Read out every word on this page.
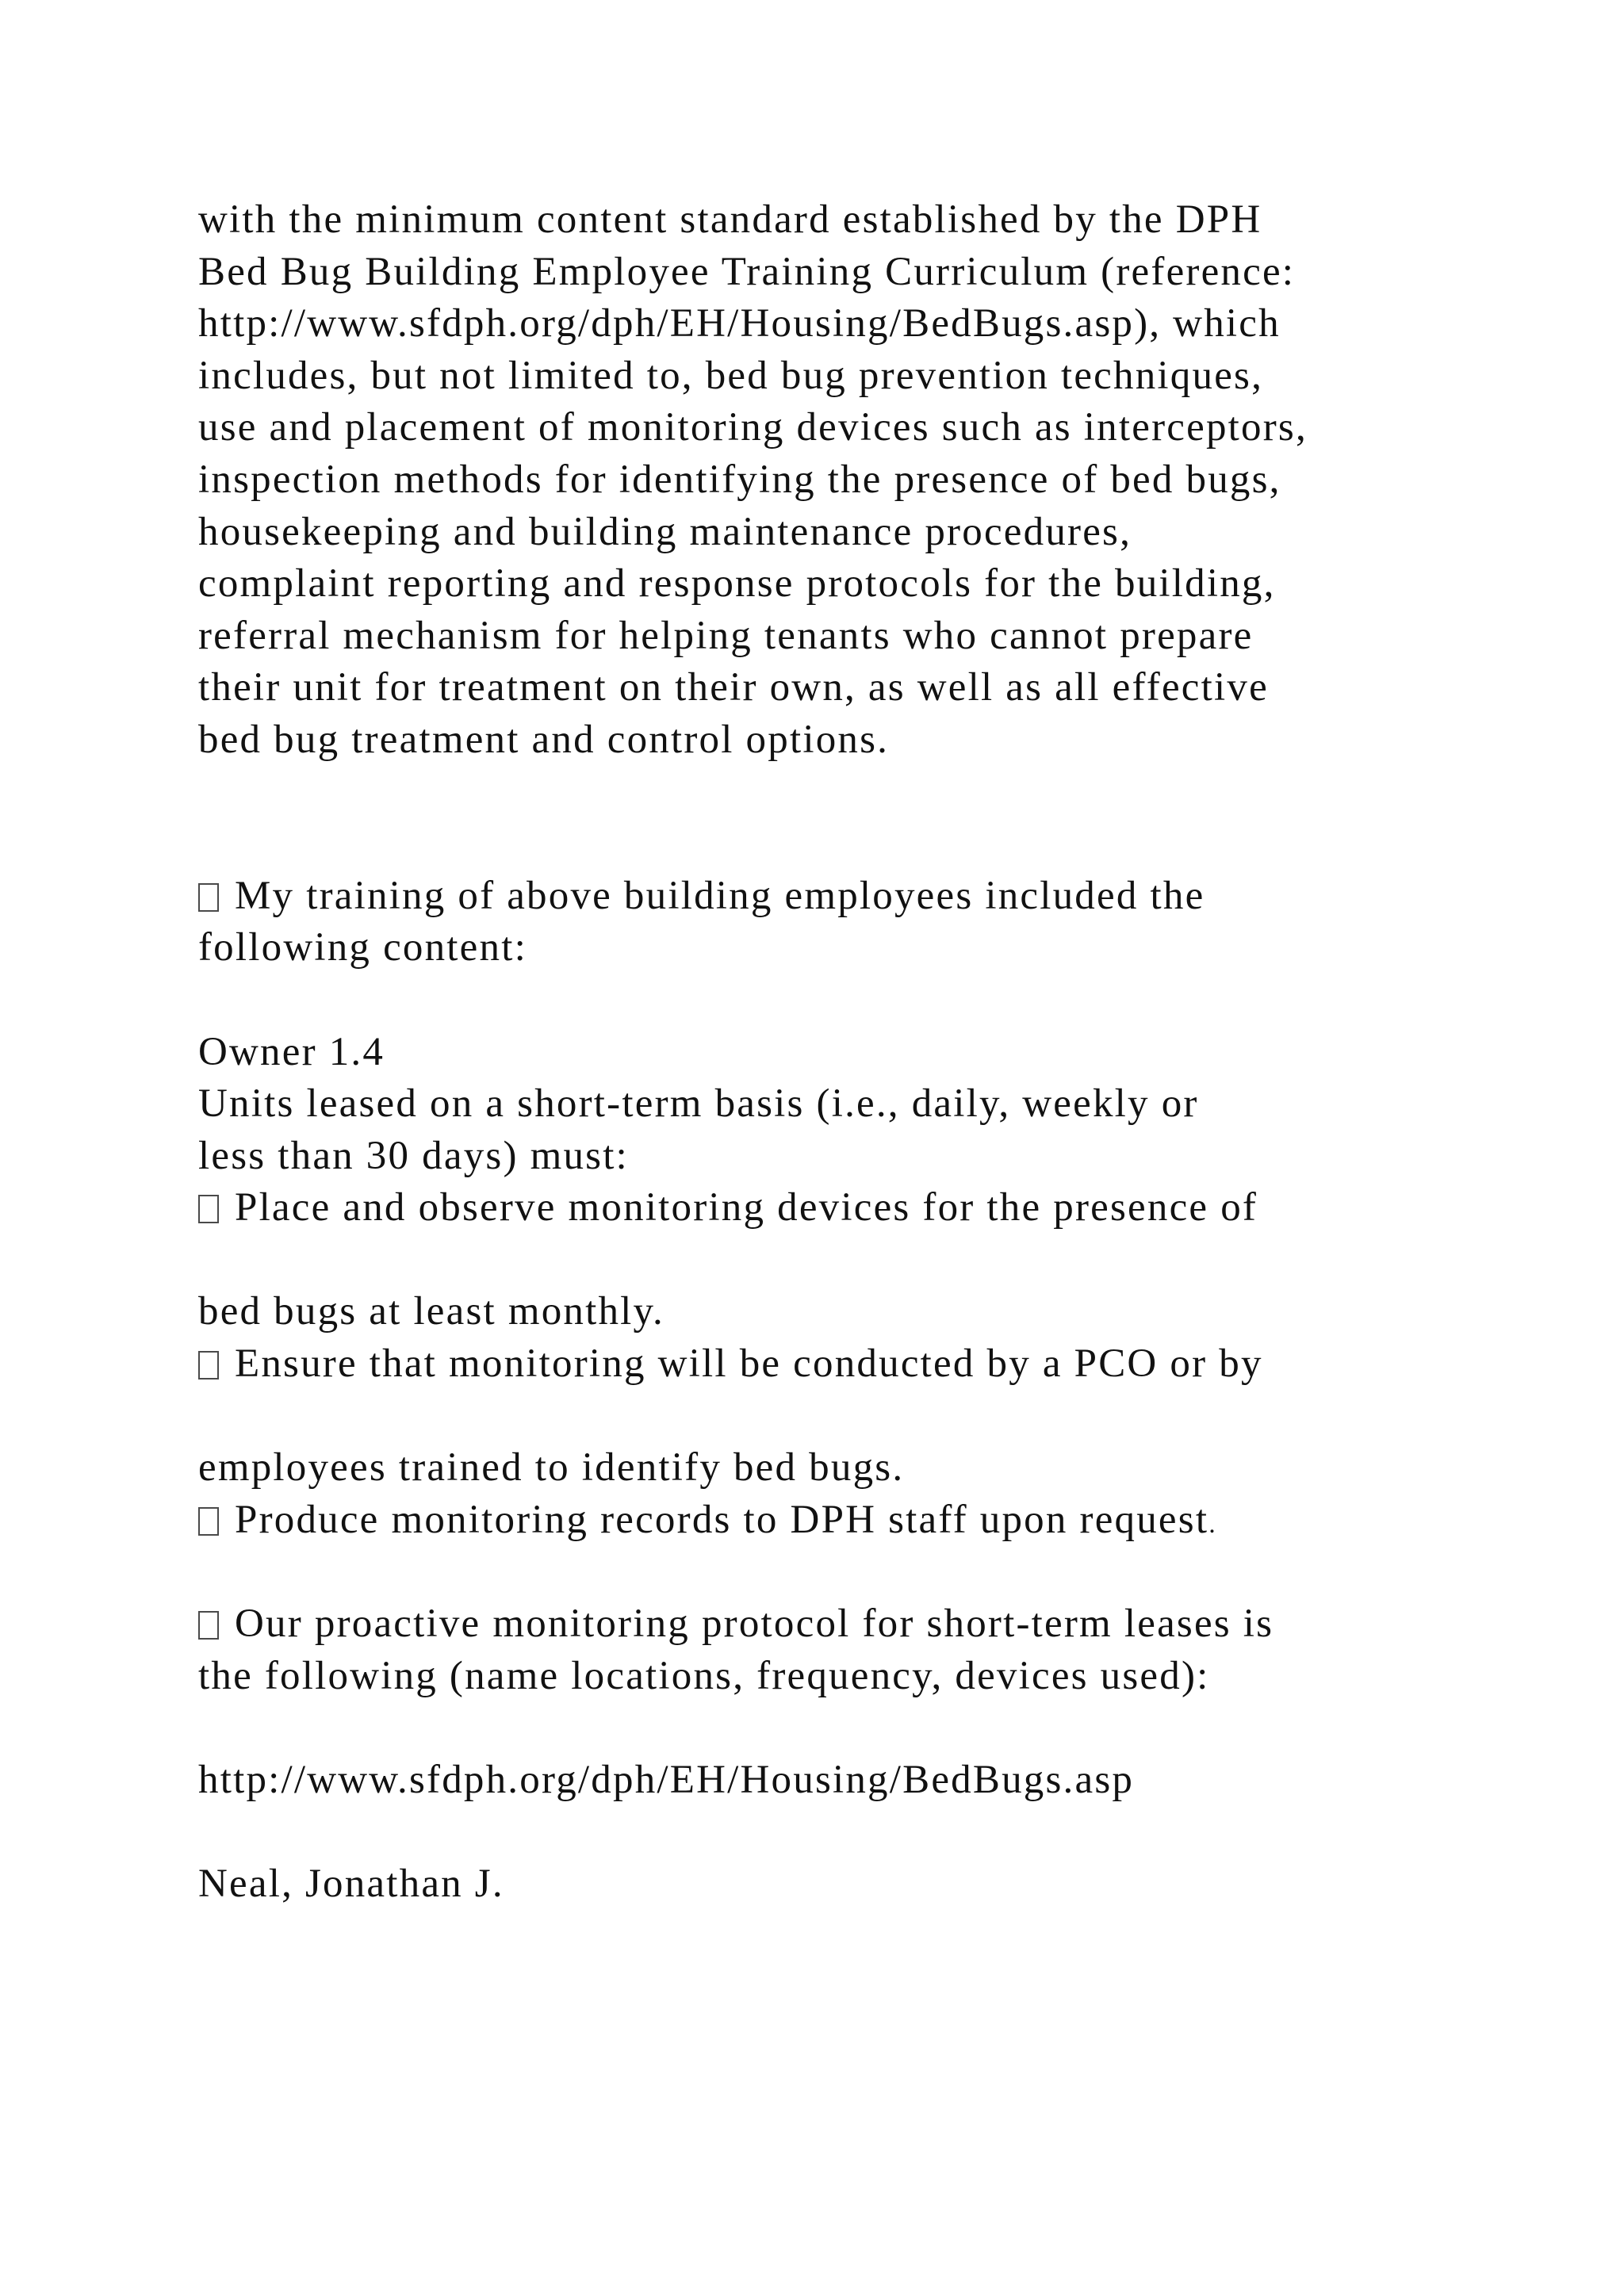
with the minimum content standard established by the DPH
Bed Bug Building Employee Training Curriculum (reference:
http://www.sfdph.org/dph/EH/Housing/BedBugs.asp), which
includes, but not limited to, bed bug prevention techniques,
use and placement of monitoring devices such as interceptors,
inspection methods for identifying the presence of bed bugs,
housekeeping and building maintenance procedures,
complaint reporting and response protocols for the building,
referral mechanism for helping tenants who cannot prepare
their unit for treatment on their own, as well as all effective
bed bug treatment and control options.
My training of above building employees included the
following content:
Owner 1.4
Units leased on a short-term basis (i.e., daily, weekly or
less than 30 days) must:
Place and observe monitoring devices for the presence of
bed bugs at least monthly.
Ensure that monitoring will be conducted by a PCO or by
employees trained to identify bed bugs.
Produce monitoring records to DPH staff upon request.
Our proactive monitoring protocol for short-term leases is
the following (name locations, frequency, devices used):
http://www.sfdph.org/dph/EH/Housing/BedBugs.asp
Neal, Jonathan J.
